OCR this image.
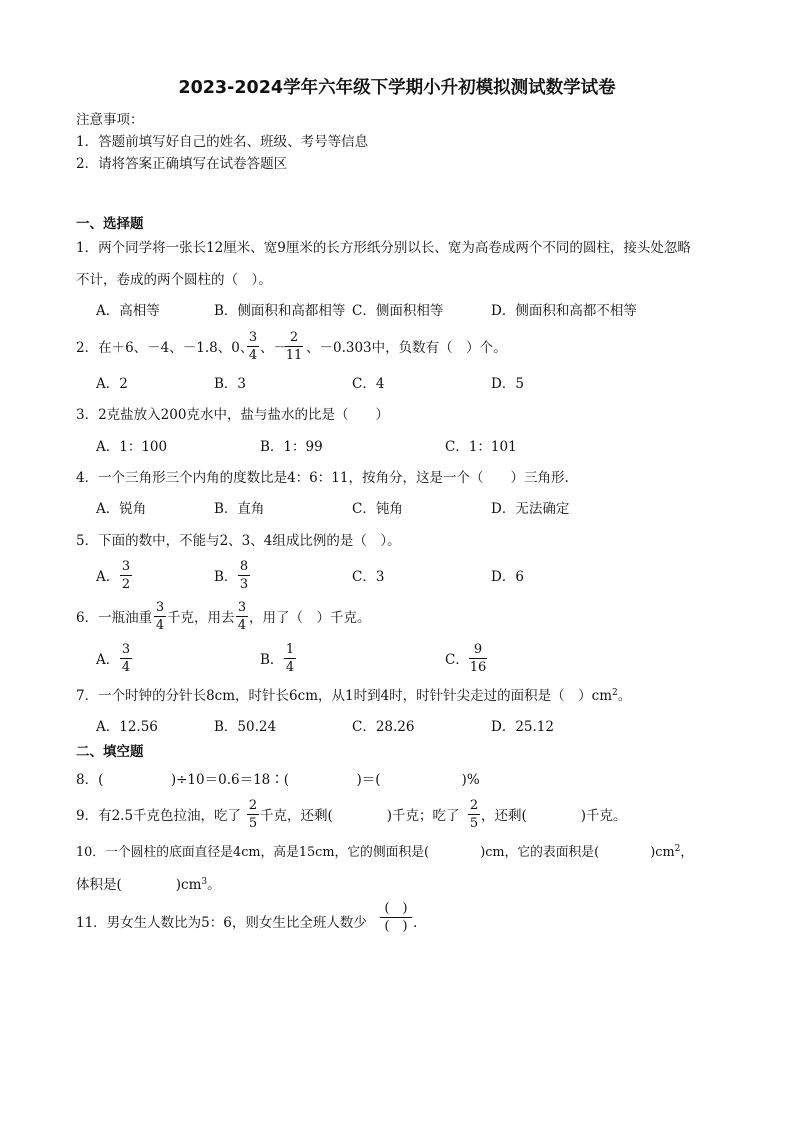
2023-2024学年六年级下学期小升初模拟测试数学试卷
注意事项：
1．答题前填写好自己的姓名、班级、考号等信息
2．请将答案正确填写在试卷答题区
一、选择题
1．两个同学将一张长12厘米、宽9厘米的长方形纸分别以长、宽为高卷成两个不同的圆柱，接头处忽略
不计，卷成的两个圆柱的（　）。
A．高相等	B．侧面积和高都相等 C．侧面积相等	D．侧面积和高都不相等
2．在＋6、－4、－1.8、0、
3
4 、－
2
11 、－0.303中，负数有（　）个。
A．2	B．3	C．4	D．5
3．2克盐放入200克水中，盐与盐水的比是（　　）
A．1：100	B．1：99	C．1：101
4．一个三角形三个内角的度数比是4：6：11，按角分，这是一个（　　）三角形.
A．锐角	B．直角	C．钝角	D．无法确定
5．下面的数中，不能与2、3、4组成比例的是（　）。
A．
3
2	B．
8
3	C．3	D．6
6．一瓶油重
3
4 千克，用去
3
4 ，用了（　）千克。
A．
3
4	B．
1
4	C．
9
16
7．一个时钟的分针长8cm，时针长6cm，从1时到4时，时针针尖走过的面积是（　）$cm^2$。
A．12.56	B．50.24	C．28.26	D．25.12
二、填空题
8．(　　　　　)÷10＝0.6＝18∶(　　　　　)＝(　　　　　　)%
9．有2.5千克色拉油，吃了
2
5 千克，还剩(　　　　)千克；吃了
2
5 ，还剩(　　　　)千克。
10．一个圆柱的底面直径是4cm，高是15cm，它的侧面积是(　　　　)cm，它的表面积是(　　　　)$cm^2$，
体积是(　　　　)$cm^3$。
11．男女生人数比为5：6，则女生比全班人数少
(　)
(　) .
